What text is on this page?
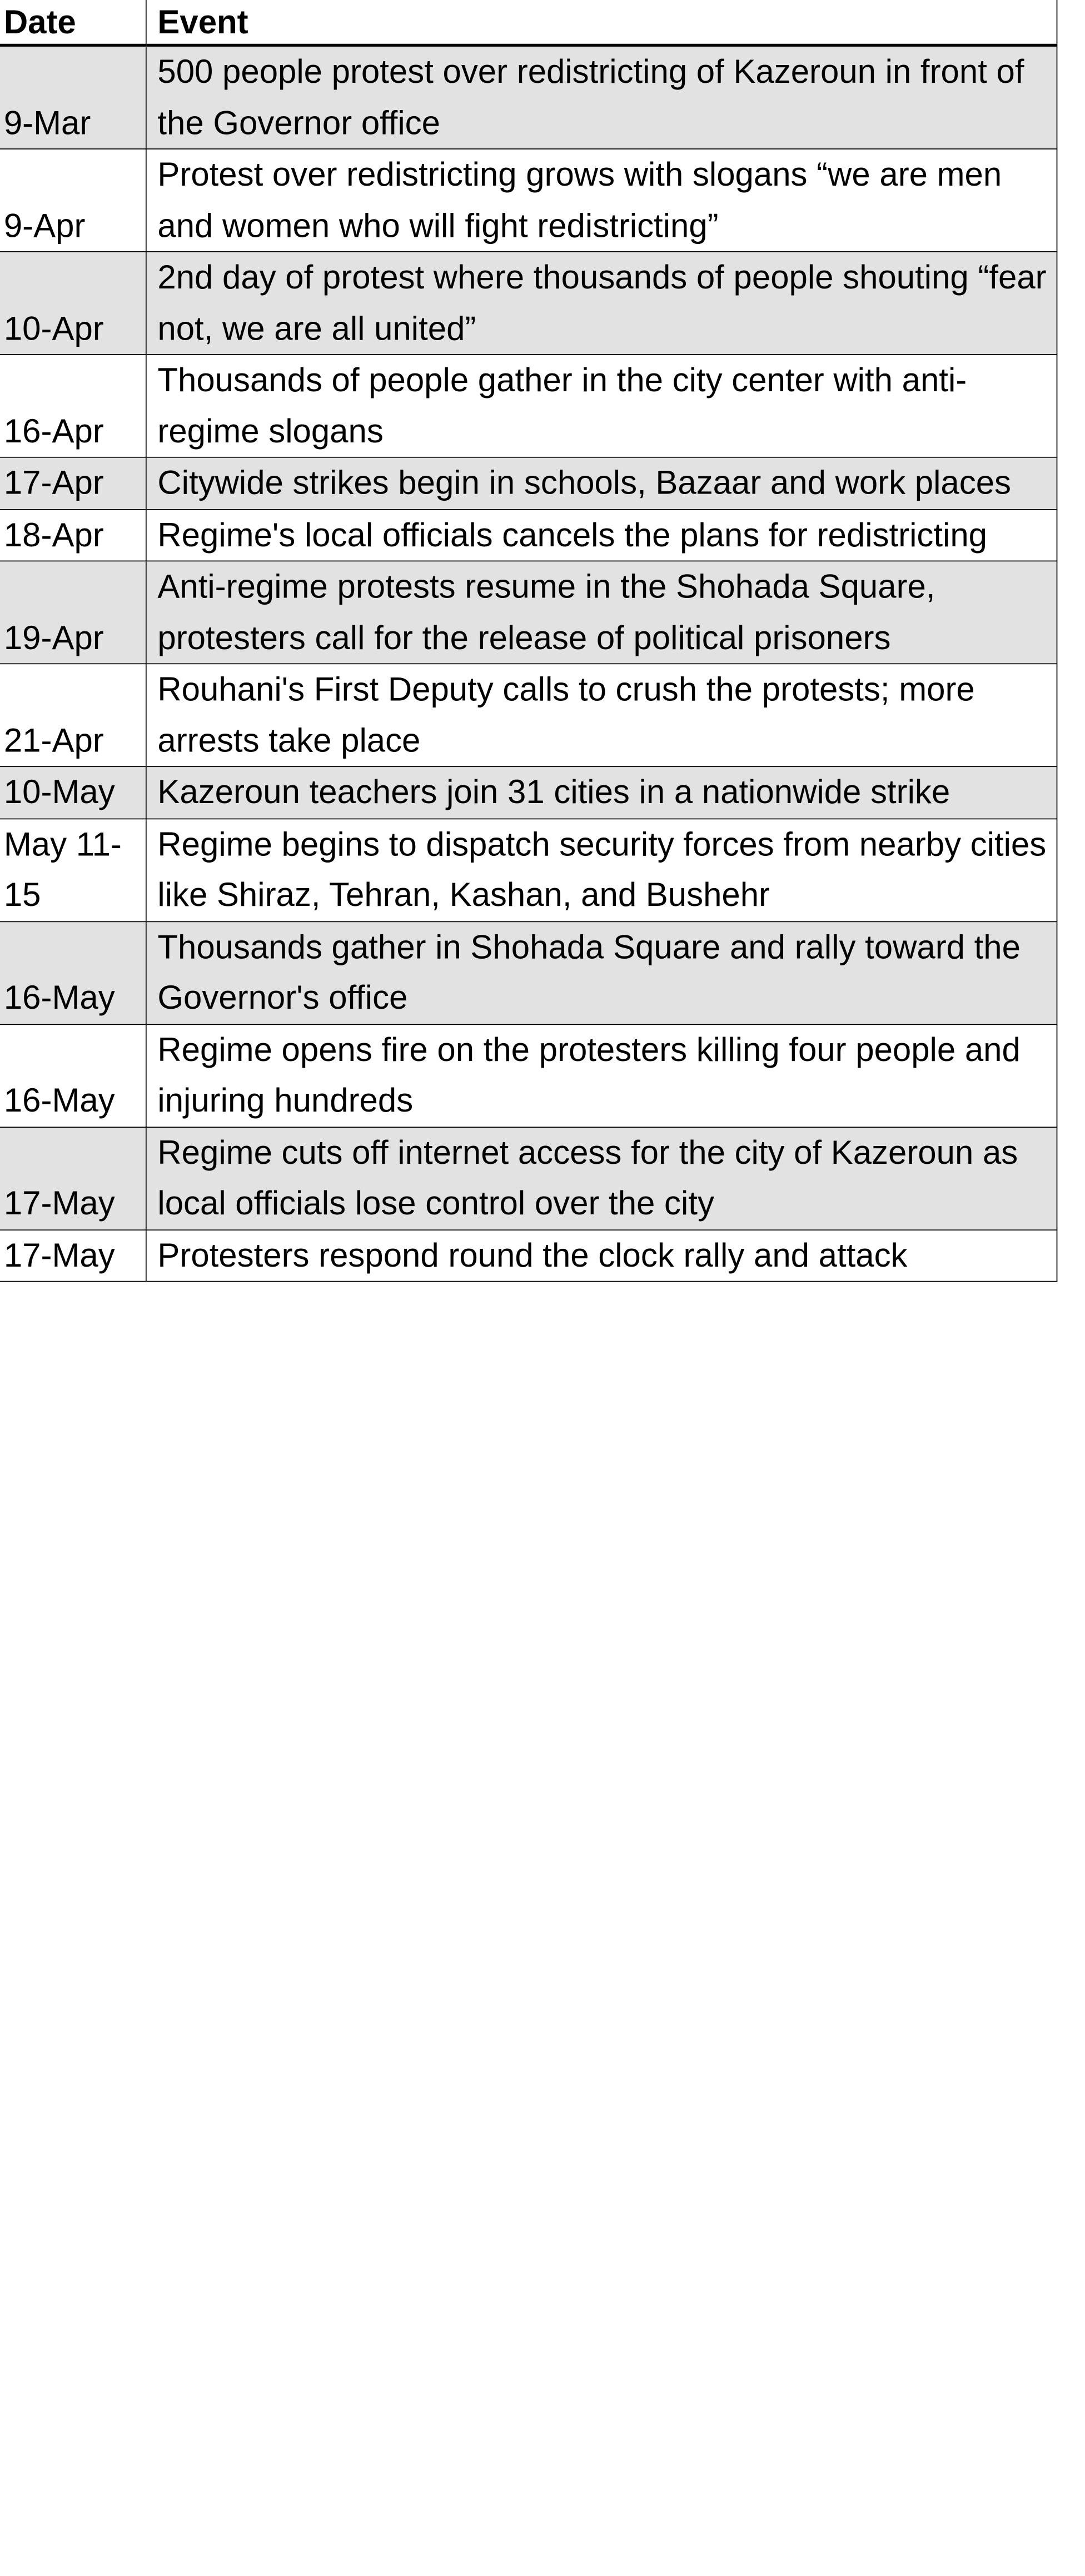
Date	Event
9-Mar	500 people protest over redistricting of Kazeroun in front of the Governor office
9-Apr	Protest over redistricting grows with slogans “we are men and women who will fight redistricting”
10-Apr	2nd day of protest where thousands of people shouting “fear not, we are all united”
16-Apr	Thousands of people gather in the city center with anti-regime slogans
17-Apr	Citywide strikes begin in schools, Bazaar and work places
18-Apr	Regime's local officials cancels the plans for redistricting
19-Apr	Anti-regime protests resume in the Shohada Square, protesters call for the release of political prisoners
21-Apr	Rouhani's First Deputy calls to crush the protests; more arrests take place
10-May	Kazeroun teachers join 31 cities in a nationwide strike
May 11-15	Regime begins to dispatch security forces from nearby cities like Shiraz, Tehran, Kashan, and Bushehr
16-May	Thousands gather in Shohada Square and rally toward the Governor's office
16-May	Regime opens fire on the protesters killing four people and injuring hundreds
17-May	Regime cuts off internet access for the city of Kazeroun as local officials lose control over the city
17-May	Protesters respond round the clock rally and attack
